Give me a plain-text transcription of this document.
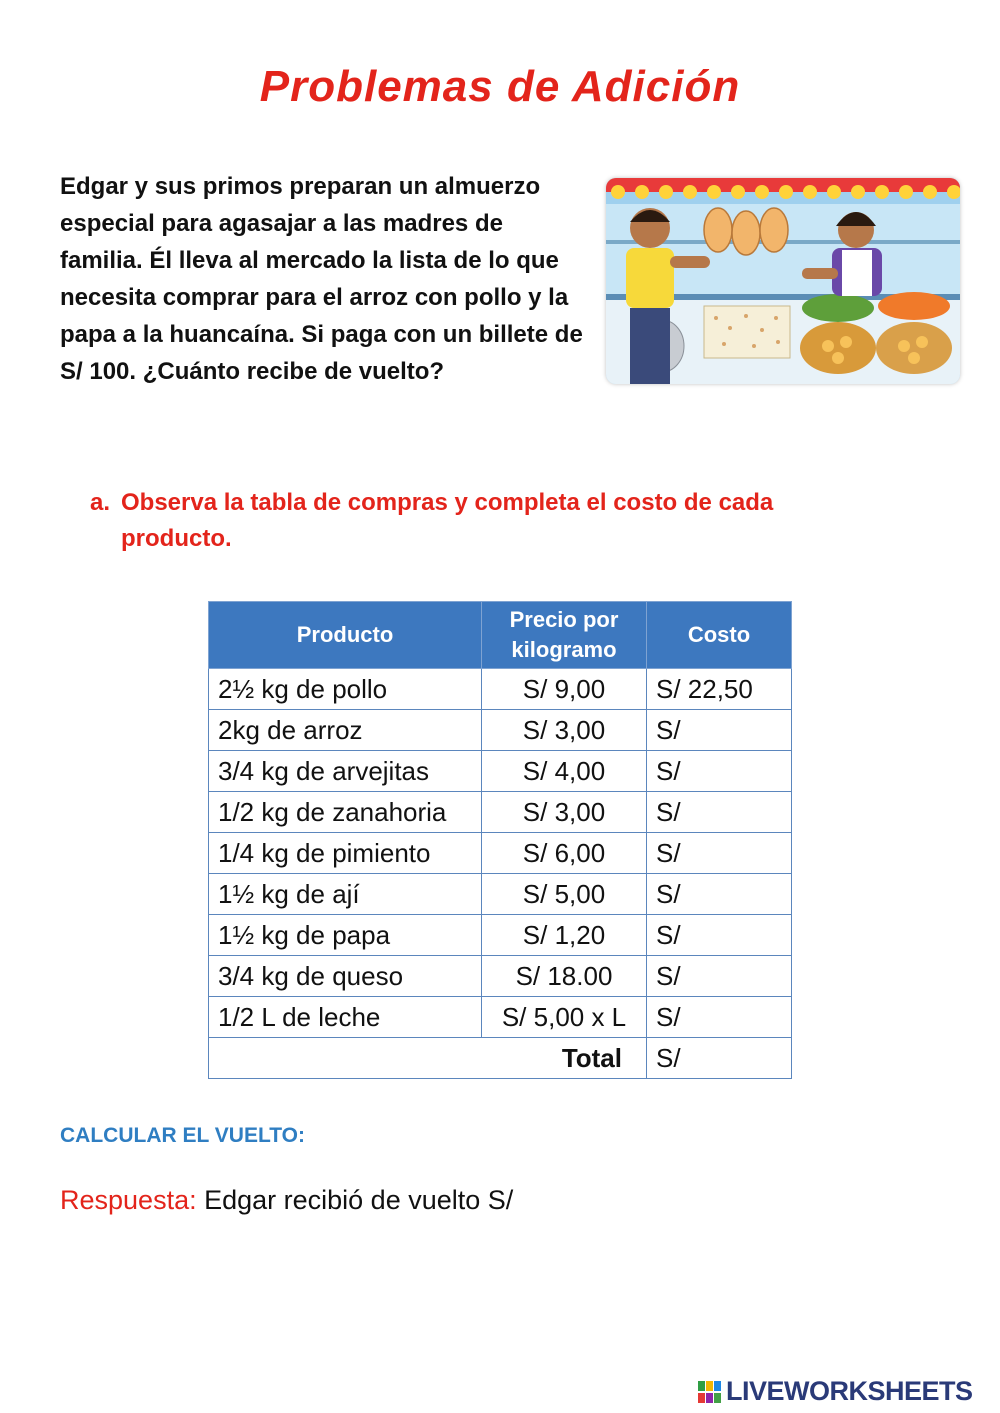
Problemas de Adición
Edgar y sus primos preparan un almuerzo especial para agasajar a las madres de familia. Él lleva al mercado la lista de lo que necesita comprar para el arroz con pollo y la papa a la huancaína. Si paga con un billete de S/ 100. ¿Cuánto recibe de vuelto?
a. Observa la tabla de compras y completa el costo de cada producto.
Producto	Precio por kilogramo	Costo
2½ kg de pollo	S/ 9,00	S/ 22,50
2kg de arroz	S/ 3,00	S/
3/4 kg de arvejitas	S/ 4,00	S/
1/2 kg de zanahoria	S/ 3,00	S/
1/4 kg de pimiento	S/ 6,00	S/
1½ kg de ají	S/ 5,00	S/
1½ kg de papa	S/ 1,20	S/
3/4 kg de queso	S/ 18.00	S/
1/2 L de leche	S/ 5,00 x L	S/
Total		S/
CALCULAR EL VUELTO:
Respuesta: Edgar recibió de vuelto S/
LIVEWORKSHEETS
